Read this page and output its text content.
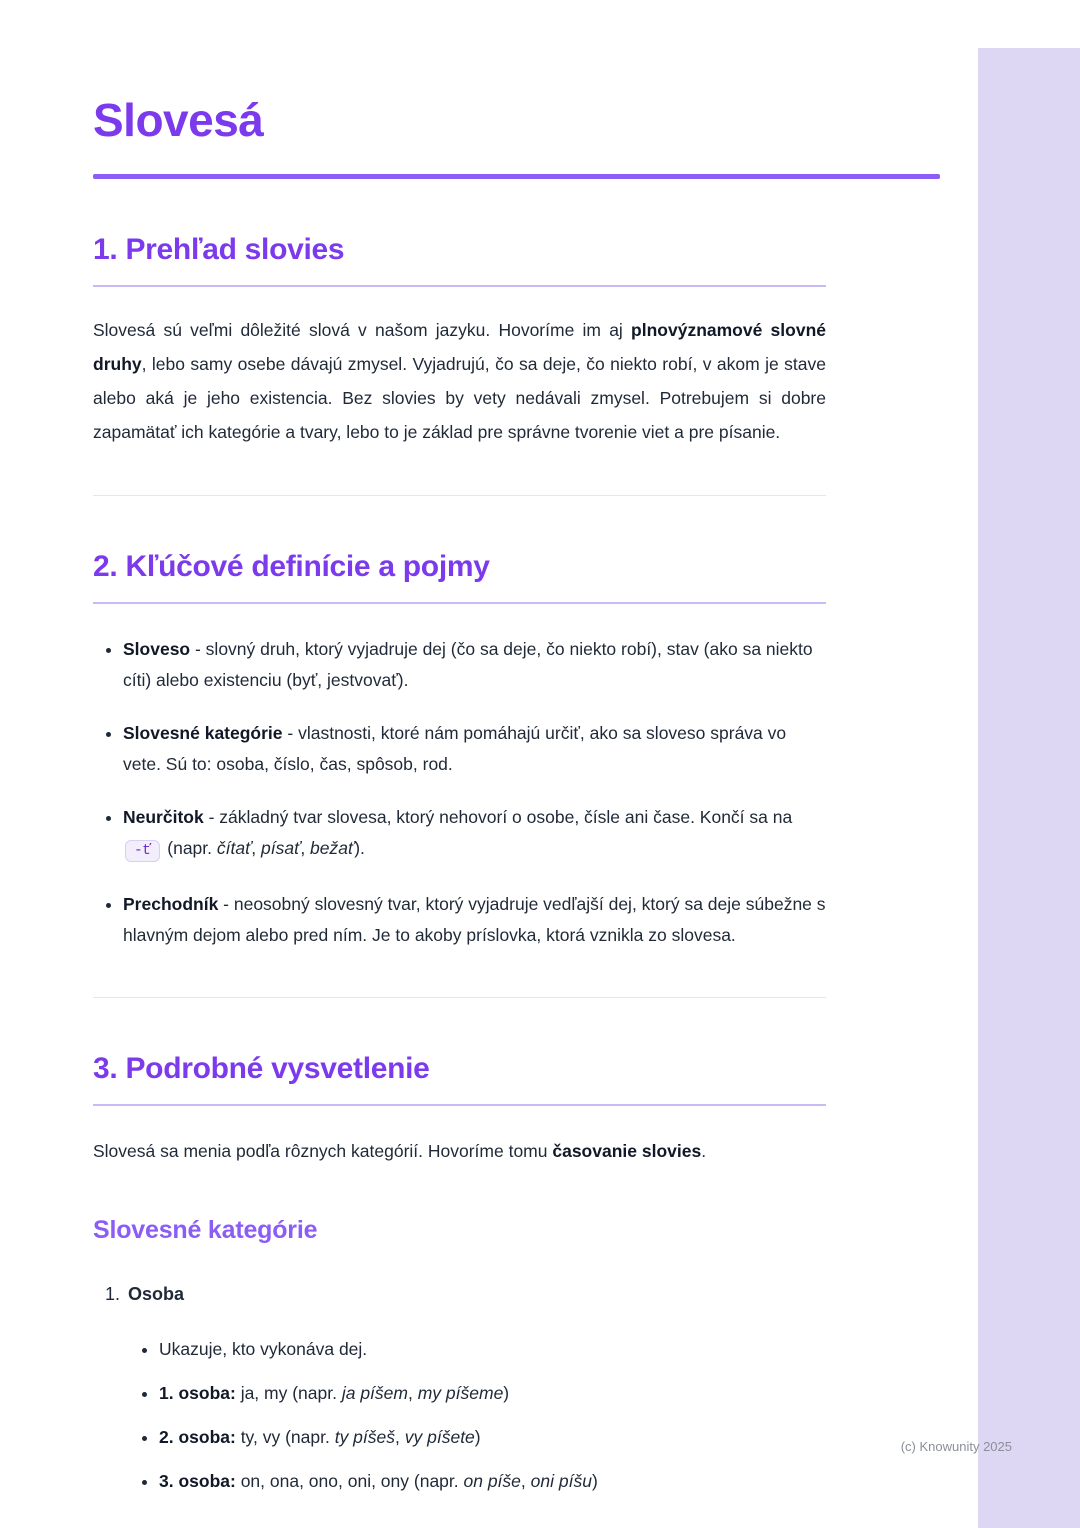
Slovesá
1. Prehľad slovies

Slovesá sú veľmi dôležité slová v našom jazyku. Hovoríme im aj plnovýznamové slovné druhy, lebo samy osebe dávajú zmysel. Vyjadrujú, čo sa deje, čo niekto robí, v akom je stave alebo aká je jeho existencia. Bez slovies by vety nedávali zmysel. Potrebujem si dobre zapamätať ich kategórie a tvary, lebo to je základ pre správne tvorenie viet a pre písanie.

2. Kľúčové definície a pojmy
• Sloveso - slovný druh, ktorý vyjadruje dej (čo sa deje, čo niekto robí), stav (ako sa niekto cíti) alebo existenciu (byť, jestvovať).
• Slovesné kategórie - vlastnosti, ktoré nám pomáhajú určiť, ako sa sloveso správa vo vete. Sú to: osoba, číslo, čas, spôsob, rod.
• Neurčitok - základný tvar slovesa, ktorý nehovorí o osobe, čísle ani čase. Končí sa na -ť (napr. čítať, písať, bežať).
• Prechodník - neosobný slovesný tvar, ktorý vyjadruje vedľajší dej, ktorý sa deje súbežne s hlavným dejom alebo pred ním. Je to akoby príslovka, ktorá vznikla zo slovesa.
3. Podrobné vysvetlenie

Slovesá sa menia podľa rôznych kategórií. Hovoríme tomu časovanie slovies.

Slovesné kategórie
1. Osoba
• Ukazuje, kto vykonáva dej.
• 1. osoba: ja, my (napr. ja píšem, my píšeme)
• 2. osoba: ty, vy (napr. ty píšeš, vy píšete)
• 3. osoba: on, ona, ono, oni, ony (napr. on píše, oni píšu)
(c) Knowunity 2025
